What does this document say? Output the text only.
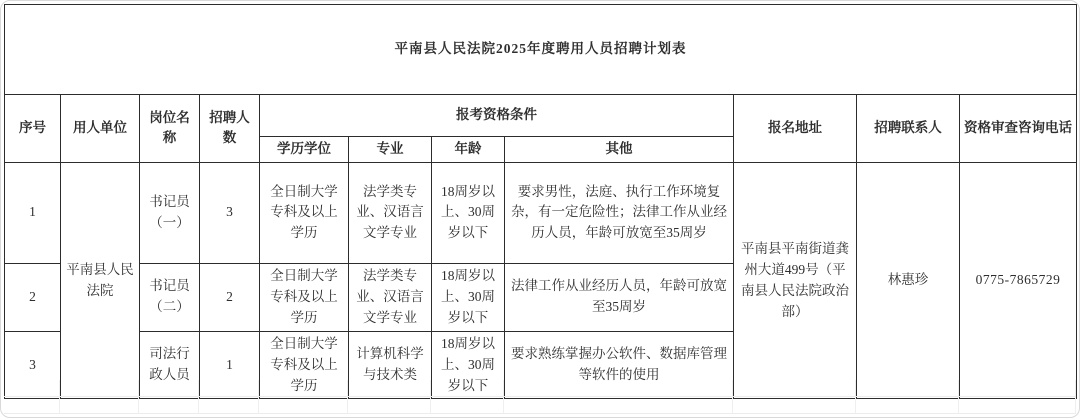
平南县人民法院2025年度聘用人员招聘计划表										
序号	用人单位	岗位名称	招聘人数	报考资格条件				报名地址	招聘联系人	资格审查咨询电话
				学历学位	专业	年龄	其他			
1	平南县人民法院	书记员（一）	3	全日制大学专科及以上学历	法学类专业、汉语言文学专业	18周岁以上、30周岁以下	要求男性，法庭、执行工作环境复杂，有一定危险性；法律工作从业经历人员，年龄可放宽至35周岁	平南县平南街道龚州大道499号（平南县人民法院政治部）	林惠珍	0775-7865729
2		书记员（二）	2	全日制大学专科及以上学历	法学类专业、汉语言文学专业	18周岁以上、30周岁以下	法律工作从业经历人员，年龄可放宽至35周岁			
3		司法行政人员	1	全日制大学专科及以上学历	计算机科学与技术类	18周岁以上、30周岁以下	要求熟练掌握办公软件、数据库管理等软件的使用			
